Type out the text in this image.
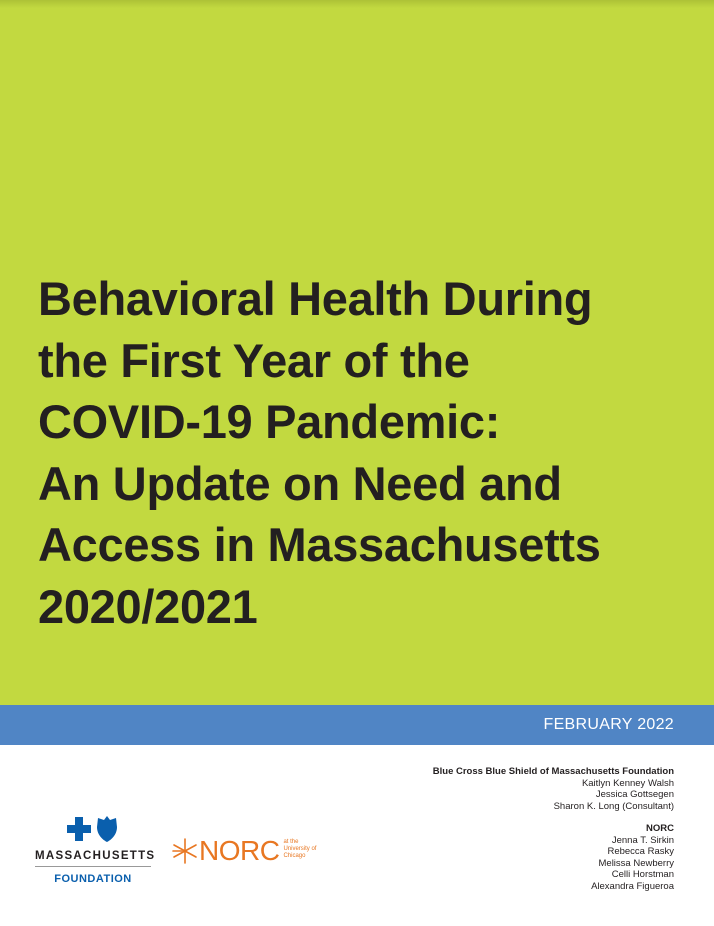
Behavioral Health During
the First Year of the
COVID-19 Pandemic:
An Update on Need and
Access in Massachusetts
2020/2021
FEBRUARY 2022
Blue Cross Blue Shield of Massachusetts Foundation
Kaitlyn Kenney Walsh
Jessica Gottsegen
Sharon K. Long (Consultant)
NORC
Jenna T. Sirkin
Rebecca Rasky
Melissa Newberry
Celli Horstman
Alexandra Figueroa
MASSACHUSETTS
FOUNDATION
NORC at the
University of
Chicago
